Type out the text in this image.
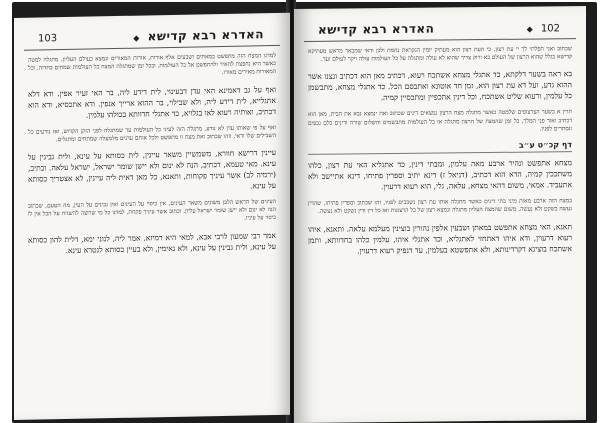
האדרא רבא קדישא ◆
103

למדנו המצח הזה מתפשט במאתים ושבעים אלף אורות, אורות המאורים ונמצא בעולם העליון. מתגלה למטה כאשר היא נחפצת להאיר ולהתפשט אל כל העולמות, ובכל זמן שמתגלה המצח כל העולמות שמחים בחדוה, וכל המאורות מאירים מאורו.

ואף על גב דאמינא האי עדן דבעינוי, לית דידע ליה, בר האי זעיר אפין. ודא דלא אתגלייא, לית דידע ליה, ולא שבילוי, בר ההוא ארייך אנפין. ודא אתכסיא, ודא הוא דכתיב, ואותיה רעוא לאו בגלויא, כד אתגלי חדוותא בכולהו עלמין.

ואף על פי שאותו עדן לא נודע, מתגלה הזה לעיני כל העולמות עד שמתגלה לפני הזקן הקדוש, ואז נודעים כל השבילים שלו ודאי, וזהו שכתוב ואת מצח זו מתפשט ולכל אותם עדנים מלמעלה שמתחים ומתגלים.

עיינין דרישא חוורא, משמשיין משאר עיינין, לית כסותא על עינא, ולית גבינין על עינא. מאי טעמא, דכתיב, הנה לא ינום ולא יישן שומר ישראל, ישראל עלאה. וכתיב, (ירמיה לב) אשר עיניך פקוחות, ותאנא, כל מאן דאית ליה עיינין, לא אצטריך כסותא על עינא.

העינים של הראש הלבן משונים משאר העינים, אין כיסוי על העינים ואין גבינים על העין, מה הטעם, שכתוב הנה לא ינום ולא יישן שומר ישראל עליון. וכתוב אשר עיניך פקחת, למדנו כל מי שרוצה להשגיח על הכל אין לו כיסוי על עיניו.

אמר רבי שמעון לרבי אבא, למאי היא רמיזא. אמר ליה, לנוני ימא, דלית להון כסותא על עינא, ולית גבינין על עינא, ולא נאימין, ולא בעיין כסותא לנטרא עינא.

102 ◆
האדרא רבא קדישא

שכתוב ואני תפלתי לך יי עת רצון. כי העת רצון הוא מעתיק יומין הנקראת נחמת ולכן ודאי שמבאר מראש מעתיקא קדישא בגלל שהוא הרצון של העולם בא ורוק צריך שהוא לא עולה ומתגלה על כל העולמות עולה ויקר לעולם ועד.

בא ראה בשער דלקתא, כד אתגלי מצחא אשתכח רעוא, דכתיב מאן הוא דכתיב ונצנו אשר ההוא גדע, ועל דא עת רצון הוא, זמן חד אוטונא ואתבסם הכל. כד אתגלי מצחא, מתבשמן כל עלמין, ורעוא שליט אשתכח, וכל דינין אתכפיין ומתכסיין קמיה.

תרין א בשער הצרצופים שלמטה כאשר מתגלה מצח הרצון נמצאים דינים שכתוב ואת ינמצא נבא את הבית, מאן הוא דכתיב ואור פני המלך, כל זמן שהמצח של הרצון מתגלה אז כל העולמות מתבשמים והשלום שורה ודינים כלם נכפים ונסתרים לפניו.

דף קכ״ט ע״ב

מצחא אתפשט ונהיר ארבע מאה עלמין, ומבתי דינין, כד אתגליא האי עת רצון, כלהו משתככין קמיה, הדא הוא דכתיב, (דניאל ז) דינא יתיב וספרין פתיחו, דינא אתיישב ולא אתעביד. אמאי, משום דהאי מצחא, עלאה, גלי, הוא רעוא דרעוין.

במצח הזה ארבע מאות מיני בתי דינים כאשר מתגלה אותו עת רצון נשככים לפניו, זהו שכתוב וספרין פתיחו, שהדין נעשה בשקט ולא נעשה, משום שהמצח העליון מתגלה ונמצא רצון של כל הרצונות ואז כל דין ודין נשקט ולא נעשה.

תאנא, האי מצחא אתפשט במאתן ושבעין אלפין נהורין בוצינין מעלמא עלאה. ותאנא, איהו רעוא דרעוין, ודא איהו דאתחזי לאתגליא, וכד אתגלי איהו, עלמין כלהו בחדוותא, ותמן אשתכח בוצינא דקרדינותא, ולא אתפשטא בעלמין, עד דנפיק רעוא דרעוין.
